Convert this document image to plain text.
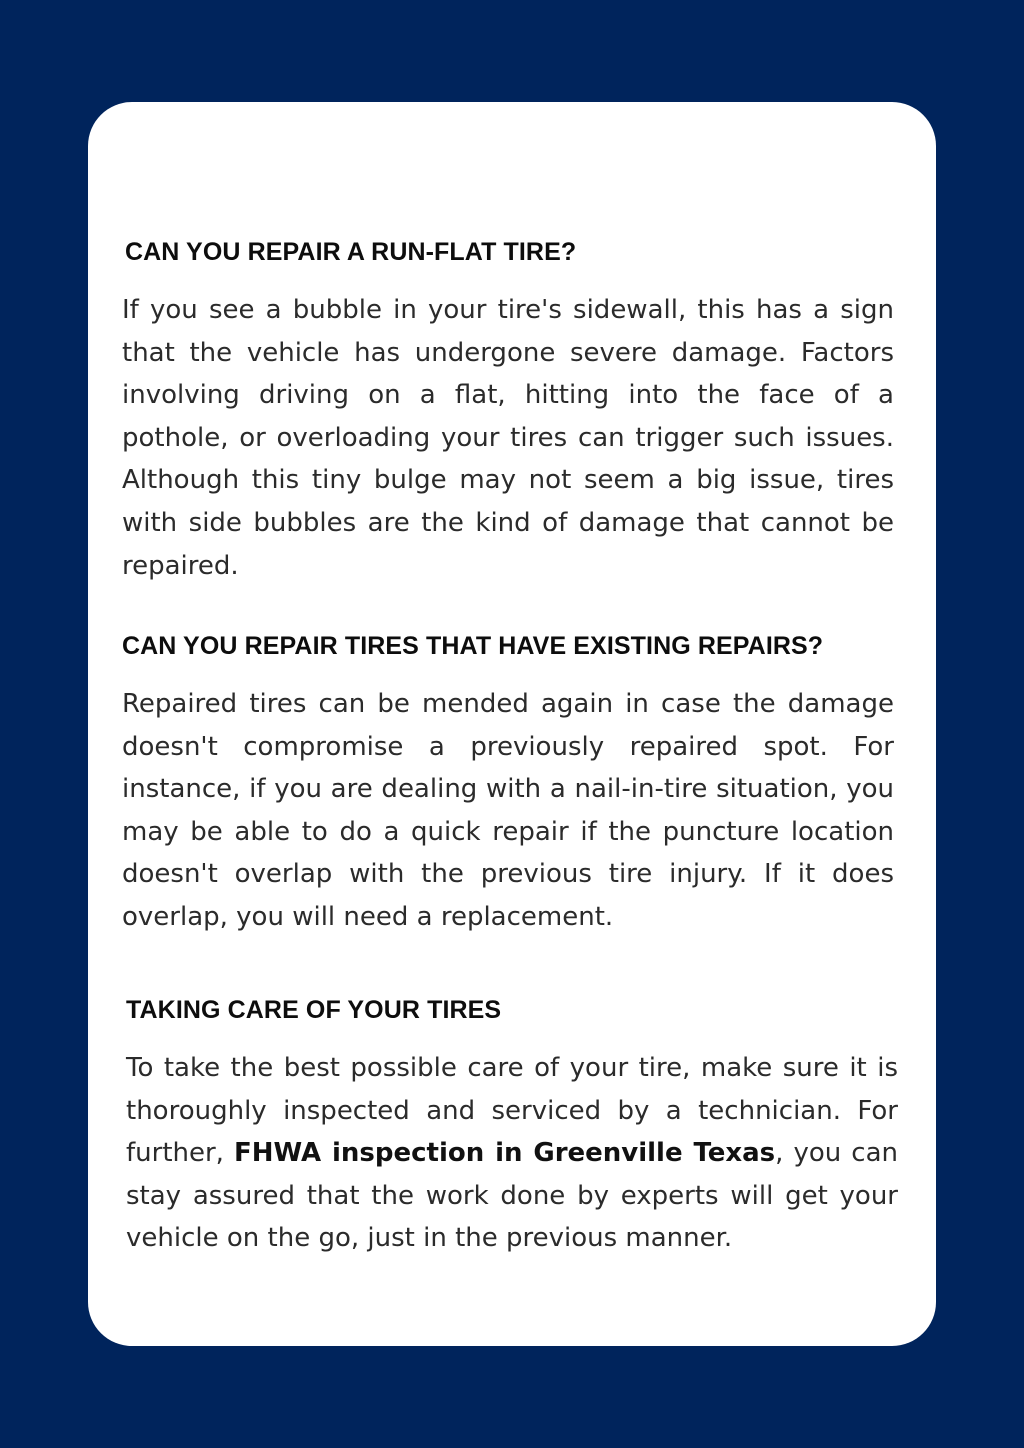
CAN YOU REPAIR A RUN-FLAT TIRE?

If you see a bubble in your tire's sidewall, this has a sign that the vehicle has undergone severe damage. Factors involving driving on a flat, hitting into the face of a pothole, or overloading your tires can trigger such issues. Although this tiny bulge may not seem a big issue, tires with side bubbles are the kind of damage that cannot be repaired.

CAN YOU REPAIR TIRES THAT HAVE EXISTING REPAIRS?

Repaired tires can be mended again in case the damage doesn't compromise a previously repaired spot. For instance, if you are dealing with a nail-in-tire situation, you may be able to do a quick repair if the puncture location doesn't overlap with the previous tire injury. If it does overlap, you will need a replacement.

TAKING CARE OF YOUR TIRES

To take the best possible care of your tire, make sure it is thoroughly inspected and serviced by a technician. For further, FHWA inspection in Greenville Texas, you can stay assured that the work done by experts will get your vehicle on the go, just in the previous manner.
